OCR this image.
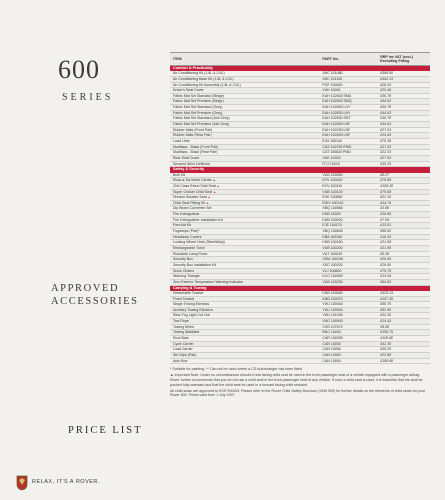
600
SERIES
APPROVED
ACCESSORIES
PRICE LIST
RELAX, IT'S A ROVER.
ITEM	PART No.	RRP inc VAT (excl.) Excluding Fitting
Comfort & Practicality
Air Conditioning Kit (1.8L & 2.0L)	JMC 101080	£599.50
Air Conditioning Base Kit (1.8L & 2.0L)	JMC 101100	£462.13
Air Conditioning Kit Assembly (1.8L & 2.0L)	PGF 100820	£28.20
Driver's Seat Cover	VUK 10001	£20.46
Fabric Mat Set Standard (Beige)	EAH 102630 SMA	£36.78
Fabric Mat Set Premium (Beige)	EAH 102630 SMQ	£44.63
Fabric Mat Set Standard (Grey)	EAH 102630 LOY	£36.78
Fabric Mat Set Premium (Grey)	EAH 102630 LNY	£44.63
Fabric Mat Set Standard (Ash Grey)	EAH 102630 SNT	£36.78
Fabric Mat Set Premium (Ash Grey)	EAH 102630 LNF	£44.63
Rubber Mats (Front Pair)	EAH 100780 LNF	£27.03
Rubber Mats (Rear Pair)	EAH 102630 LNF	£14.43
Load Liner	EJH 100140	£76.38
Mudflaps - Black (Front Pair)	CAS 100780 PMD	£27.03
Mudflaps - Black (Rear Pair)	CAT 100820 PMD	£22.33
Rear Seat Cover	VUK 10020	£27.03
Smoked Wind Deflector	DTJ 10010	£35.25
Safety & Security
Bulb Kit	VUB 100050	£8.27
Rock-a-Tot Infant Carrier ▲	EVV 100100	£70.89
Chil-Class Extra Child Seat ▲	EVV 100110	£109.28
Super Cruiser Child Seat ▲	VUB 100120	£75.68
Horizon Booster Seat ▲	EVK 100060	£21.15
Child Seat Fitting Kit ▲	EWV 100140	£14.79
Dip Beam Converter Set	XBQ 100560	£3.88
Fire Extinguisher	KDB 10003	£29.85
Fire Extinguisher Installation Kit	KDB 100020	£7.09
First Aid Kit	EJE 100170	£13.51
Foglamps (Pair)*	XBQ 100640	£88.00
Headlamp Covers	KBA 100250	£16.43
Locking Wheel Nuts (Steel/Alloy)	KNB 100180	£21.59
Rechargeable Torch	VUB 100200	£21.59
Roadside Lamp/Torch	VUT 100010	£5.38
Security Box	XSM 100190	£29.50
Security Box Installation Kit	XSC 100200	£29.50
Snow Chains	VLJ 100600	£70.79
Warning Triangle	KCC 100050	£14.09
Zero Exterior Temperature Warning Indicator	VUB 100230	£64.63
Carrying & Towing
Detachable Towbar	KNB 100080	£325.13
Fixed Towbar	KNB 100070	£157.45
Single Towing Electrics	YWJ 100400	£58.75
Auxiliary Towing Electrics	YWJ 100090	£52.90
Rear Fog Light Cut Out	YWJ 101250	£32.30
Tow Rope	VUD 100940	£14.43
Towing Mirror	CKB 107670	£9.68
Towing Stabiliser	BNC 10003	£155.75
Roof Bars	CAR 100290	£118.68
Cycle Carrier	CAN 10030	£42.30
Load Carrier	CAN 10000	£35.25
Ski Clips (Pair)	CAN 10002	£22.88
Auto Box	CAN 10004	£186.68

* Suitable for painting. ** Can not be used where a CD Autochanger has been fitted

▲ Important Note: Under no circumstances should a rear facing child seat be used in the front passenger seat of a vehicle equipped with a passenger airbag. Rover further recommends that you do not use a child seat in the front passenger seat of any vehicle. If such a child seat is used, it is essential that the seat be pushed fully rearward and that the child seat be used in a forward facing child restraint.

All child seats are approved to ECE R44/03. Please refer to the Rover Child Safety Brochure (XKM 000) for further details on the elements of child seats for your Rover 600. Prices valid from 1 July 1997.
